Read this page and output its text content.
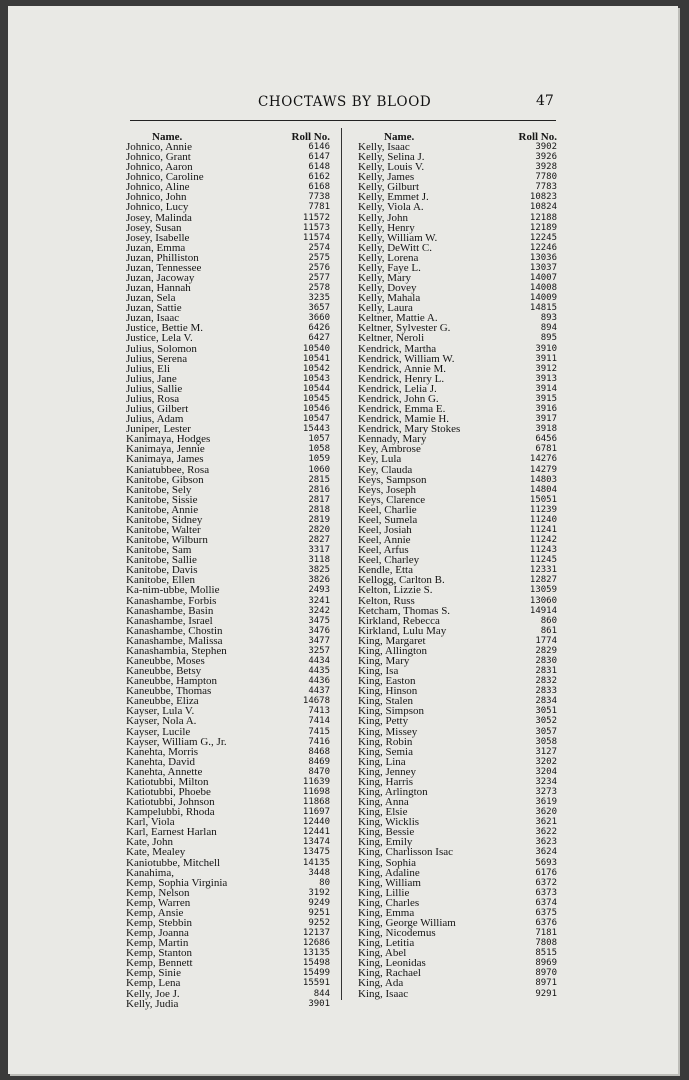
CHOCTAWS BY BLOOD	47
Name.	Roll No.
Johnico, Annie	6146
Johnico, Grant	6147
Johnico, Aaron	6148
Johnico, Caroline	6162
Johnico, Aline	6168
Johnico, John	7738
Johnico, Lucy	7781
Josey, Malinda	11572
Josey, Susan	11573
Josey, Isabelle	11574
Juzan, Emma	2574
Juzan, Philliston	2575
Juzan, Tennessee	2576
Juzan, Jacoway	2577
Juzan, Hannah	2578
Juzan, Sela	3235
Juzan, Sattie	3657
Juzan, Isaac	3660
Justice, Bettie M.	6426
Justice, Lela V.	6427
Julius, Solomon	10540
Julius, Serena	10541
Julius, Eli	10542
Julius, Jane	10543
Julius, Sallie	10544
Julius, Rosa	10545
Julius, Gilbert	10546
Julius, Adam	10547
Juniper, Lester	15443
Kanimaya, Hodges	1057
Kanimaya, Jennie	1058
Kanimaya, James	1059
Kaniatubbee, Rosa	1060
Kanitobe, Gibson	2815
Kanitobe, Sely	2816
Kanitobe, Sissie	2817
Kanitobe, Annie	2818
Kanitobe, Sidney	2819
Kanitobe, Walter	2820
Kanitobe, Wilburn	2827
Kanitobe, Sam	3317
Kanitobe, Sallie	3118
Kanitobe, Davis	3825
Kanitobe, Ellen	3826
Ka-nim-ubbe, Mollie	2493
Kanashambe, Forbis	3241
Kanashambe, Basin	3242
Kanashambe, Israel	3475
Kanashambe, Chostin	3476
Kanashambe, Malissa	3477
Kanashambia, Stephen	3257
Kaneubbe, Moses	4434
Kaneubbe, Betsy	4435
Kaneubbe, Hampton	4436
Kaneubbe, Thomas	4437
Kaneubbe, Eliza	14678
Kayser, Lula V.	7413
Kayser, Nola A.	7414
Kayser, Lucile	7415
Kayser, William G., Jr.	7416
Kanehta, Morris	8468
Kanehta, David	8469
Kanehta, Annette	8470
Katiotubbi, Milton	11639
Katiotubbi, Phoebe	11698
Katiotubbi, Johnson	11868
Kampelubbi, Rhoda	11697
Karl, Viola	12440
Karl, Earnest Harlan	12441
Kate, John	13474
Kate, Mealey	13475
Kaniotubbe, Mitchell	14135
Kanahima,	3448
Kemp, Sophia Virginia	80
Kemp, Nelson	3192
Kemp, Warren	9249
Kemp, Ansie	9251
Kemp, Stebbin	9252
Kemp, Joanna	12137
Kemp, Martin	12686
Kemp, Stanton	13135
Kemp, Bennett	15498
Kemp, Sinie	15499
Kemp, Lena	15591
Kelly, Joe J.	844
Kelly, Judia	3901
Name.	Roll No.
Kelly, Isaac	3902
Kelly, Selina J.	3926
Kelly, Louis V.	3928
Kelly, James	7780
Kelly, Gilburt	7783
Kelly, Emmet J.	10823
Kelly, Viola A.	10824
Kelly, John	12188
Kelly, Henry	12189
Kelly, William W.	12245
Kelly, DeWitt C.	12246
Kelly, Lorena	13036
Kelly, Faye L.	13037
Kelly, Mary	14007
Kelly, Dovey	14008
Kelly, Mahala	14009
Kelly, Laura	14815
Keltner, Mattie A.	893
Keltner, Sylvester G.	894
Keltner, Neroli	895
Kendrick, Martha	3910
Kendrick, William W.	3911
Kendrick, Annie M.	3912
Kendrick, Henry L.	3913
Kendrick, Lelia J.	3914
Kendrick, John G.	3915
Kendrick, Emma E.	3916
Kendrick, Mamie H.	3917
Kendrick, Mary Stokes	3918
Kennady, Mary	6456
Key, Ambrose	6781
Key, Lula	14276
Key, Clauda	14279
Keys, Sampson	14803
Keys, Joseph	14804
Keys, Clarence	15051
Keel, Charlie	11239
Keel, Sumela	11240
Keel, Josiah	11241
Keel, Annie	11242
Keel, Arfus	11243
Keel, Charley	11245
Kendle, Etta	12331
Kellogg, Carlton B.	12827
Kelton, Lizzie S.	13059
Kelton, Russ	13060
Ketcham, Thomas S.	14914
Kirkland, Rebecca	860
Kirkland, Lulu May	861
King, Margaret	1774
King, Allington	2829
King, Mary	2830
King, Isa	2831
King, Easton	2832
King, Hinson	2833
King, Stalen	2834
King, Simpson	3051
King, Petty	3052
King, Missey	3057
King, Robin	3058
King, Semia	3127
King, Lina	3202
King, Jenney	3204
King, Harris	3234
King, Arlington	3273
King, Anna	3619
King, Elsie	3620
King, Wicklis	3621
King, Bessie	3622
King, Emily	3623
King, Charlisson Isac	3624
King, Sophia	5693
King, Adaline	6176
King, William	6372
King, Lillie	6373
King, Charles	6374
King, Emma	6375
King, George William	6376
King, Nicodemus	7181
King, Letitia	7808
King, Abel	8515
King, Leonidas	8969
King, Rachael	8970
King, Ada	8971
King, Isaac	9291
